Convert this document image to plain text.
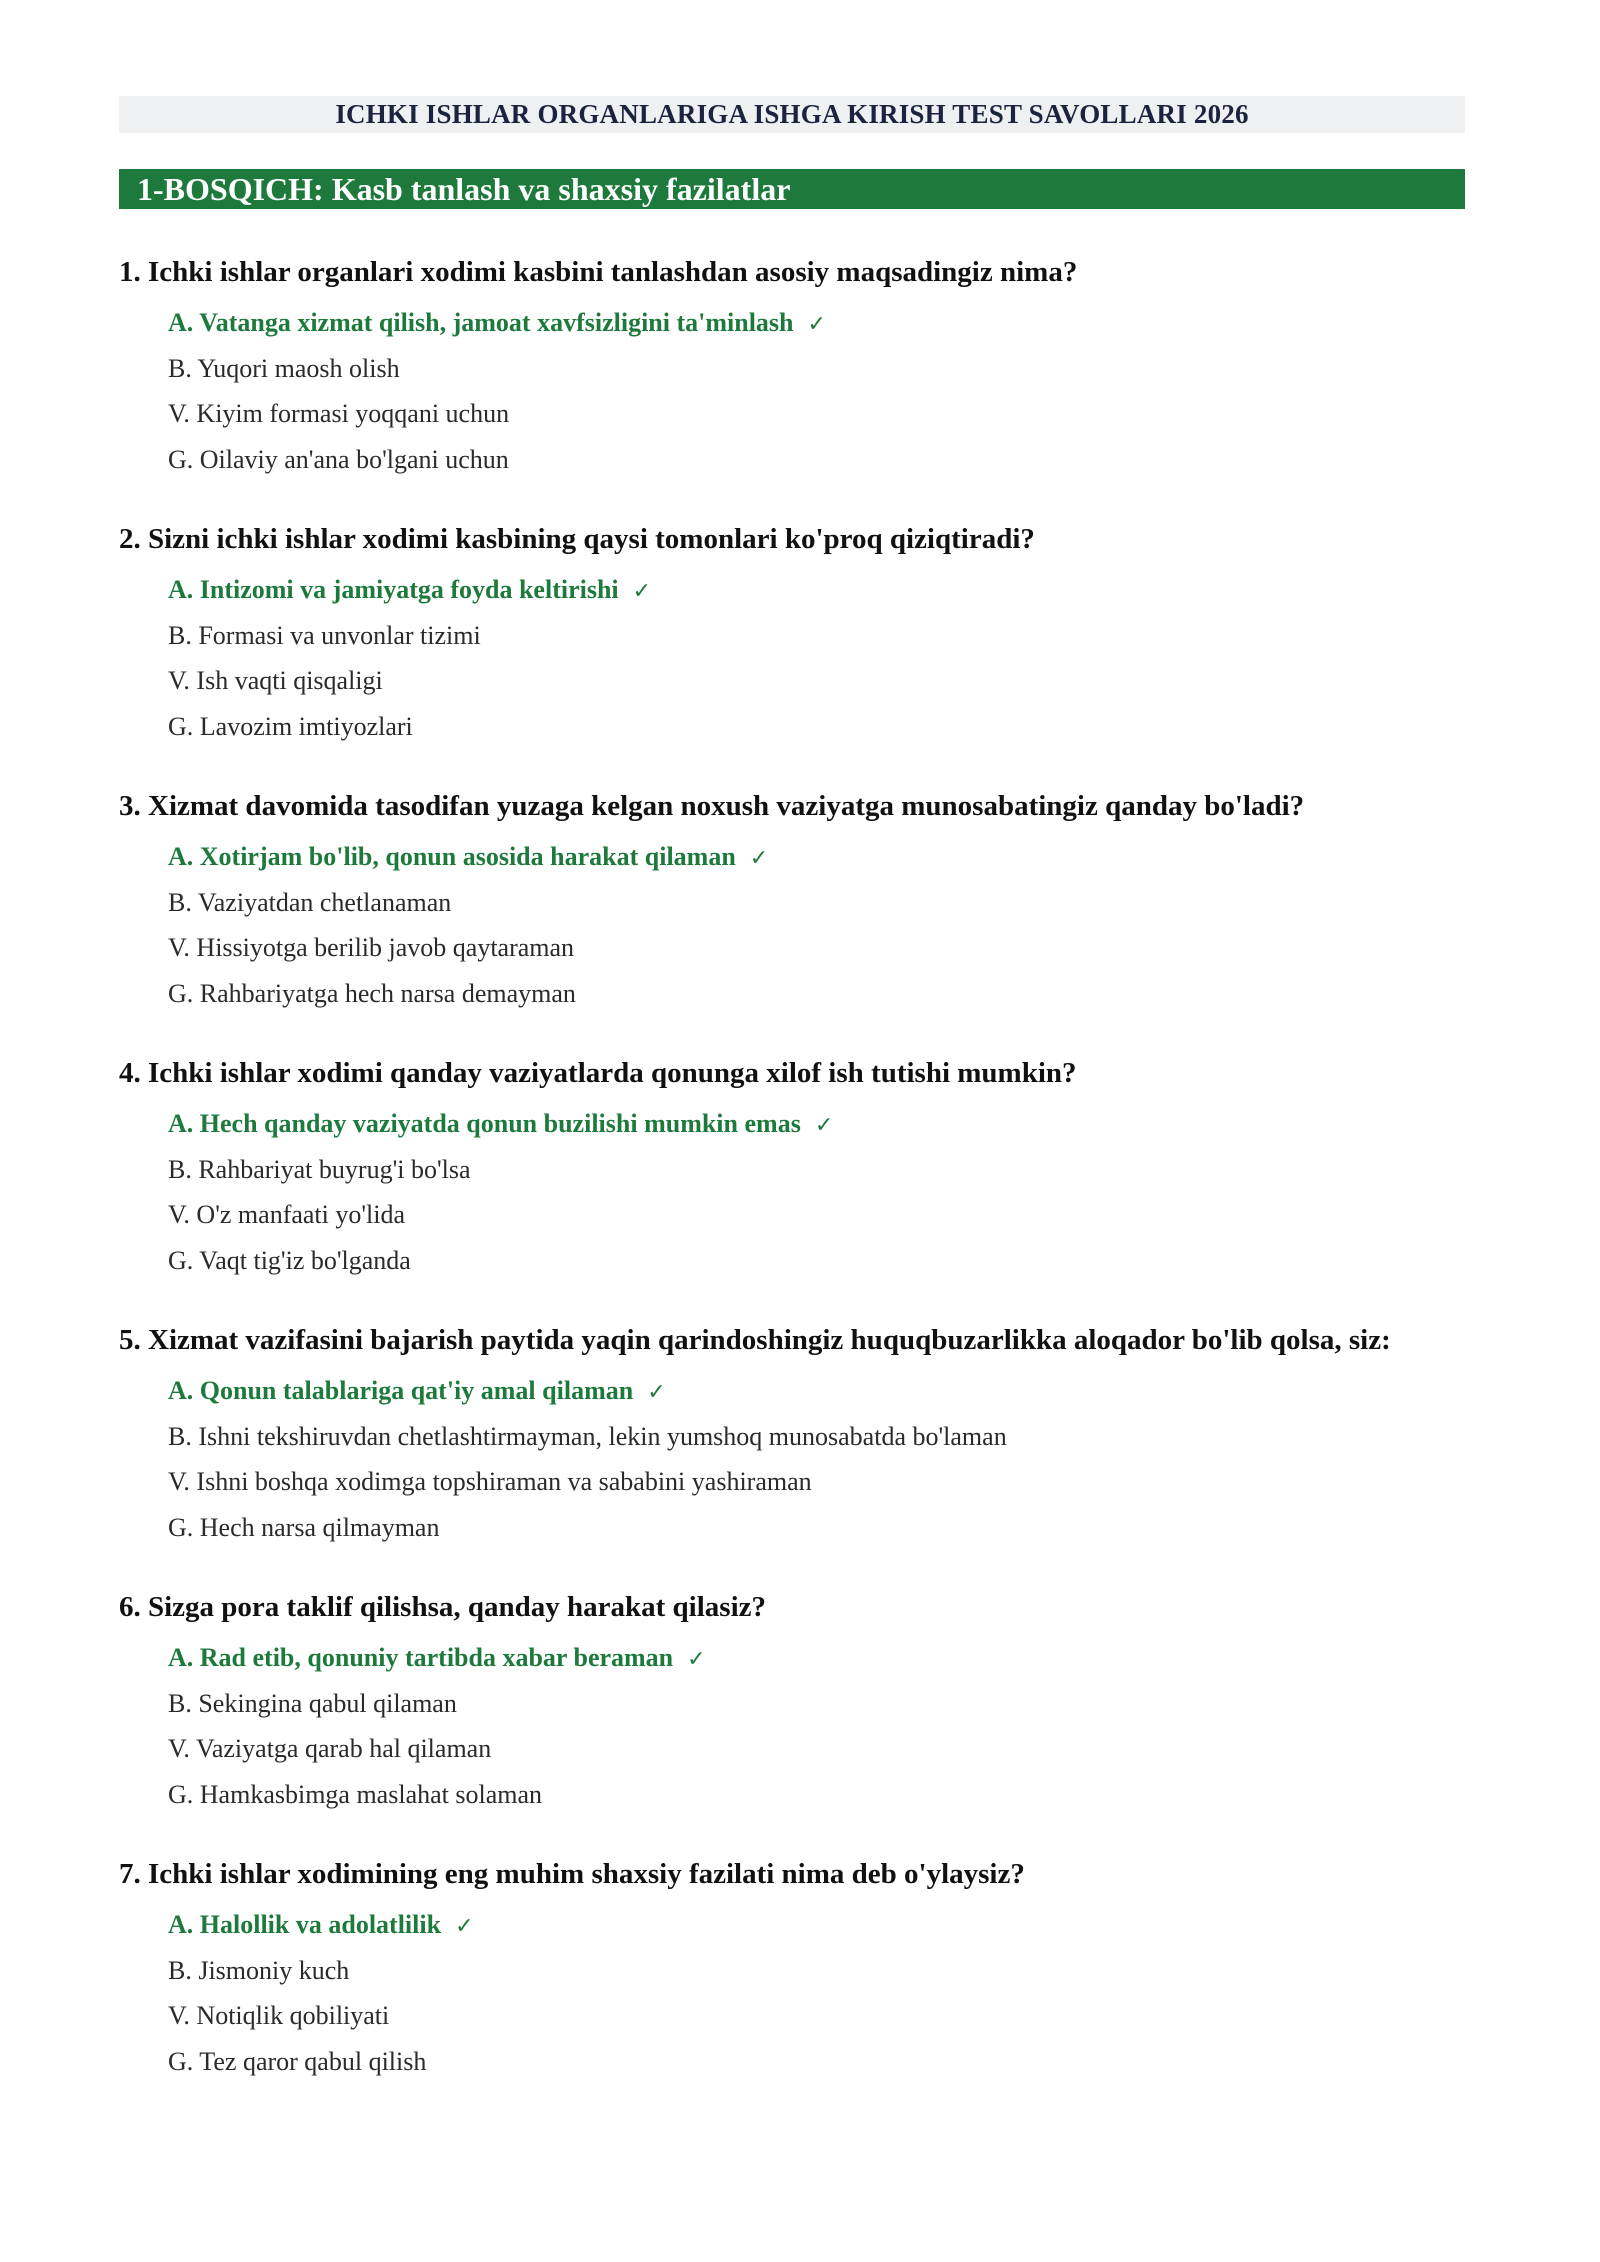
ICHKI ISHLAR ORGANLARIGA ISHGA KIRISH TEST SAVOLLARI 2026
1-BOSQICH: Kasb tanlash va shaxsiy fazilatlar
1. Ichki ishlar organlari xodimi kasbini tanlashdan asosiy maqsadingiz nima?
A. Vatanga xizmat qilish, jamoat xavfsizligini ta'minlash ✓
B. Yuqori maosh olish
V. Kiyim formasi yoqqani uchun
G. Oilaviy an'ana bo'lgani uchun
2. Sizni ichki ishlar xodimi kasbining qaysi tomonlari ko'proq qiziqtiradi?
A. Intizomi va jamiyatga foyda keltirishi ✓
B. Formasi va unvonlar tizimi
V. Ish vaqti qisqaligi
G. Lavozim imtiyozlari
3. Xizmat davomida tasodifan yuzaga kelgan noxush vaziyatga munosabatingiz qanday bo'ladi?
A. Xotirjam bo'lib, qonun asosida harakat qilaman ✓
B. Vaziyatdan chetlanaman
V. Hissiyotga berilib javob qaytaraman
G. Rahbariyatga hech narsa demayman
4. Ichki ishlar xodimi qanday vaziyatlarda qonunga xilof ish tutishi mumkin?
A. Hech qanday vaziyatda qonun buzilishi mumkin emas ✓
B. Rahbariyat buyrug'i bo'lsa
V. O'z manfaati yo'lida
G. Vaqt tig'iz bo'lganda
5. Xizmat vazifasini bajarish paytida yaqin qarindoshingiz huquqbuzarlikka aloqador bo'lib qolsa, siz:
A. Qonun talablariga qat'iy amal qilaman ✓
B. Ishni tekshiruvdan chetlashtirmayman, lekin yumshoq munosabatda bo'laman
V. Ishni boshqa xodimga topshiraman va sababini yashiraman
G. Hech narsa qilmayman
6. Sizga pora taklif qilishsa, qanday harakat qilasiz?
A. Rad etib, qonuniy tartibda xabar beraman ✓
B. Sekingina qabul qilaman
V. Vaziyatga qarab hal qilaman
G. Hamkasbimga maslahat solaman
7. Ichki ishlar xodimining eng muhim shaxsiy fazilati nima deb o'ylaysiz?
A. Halollik va adolatlilik ✓
B. Jismoniy kuch
V. Notiqlik qobiliyati
G. Tez qaror qabul qilish
